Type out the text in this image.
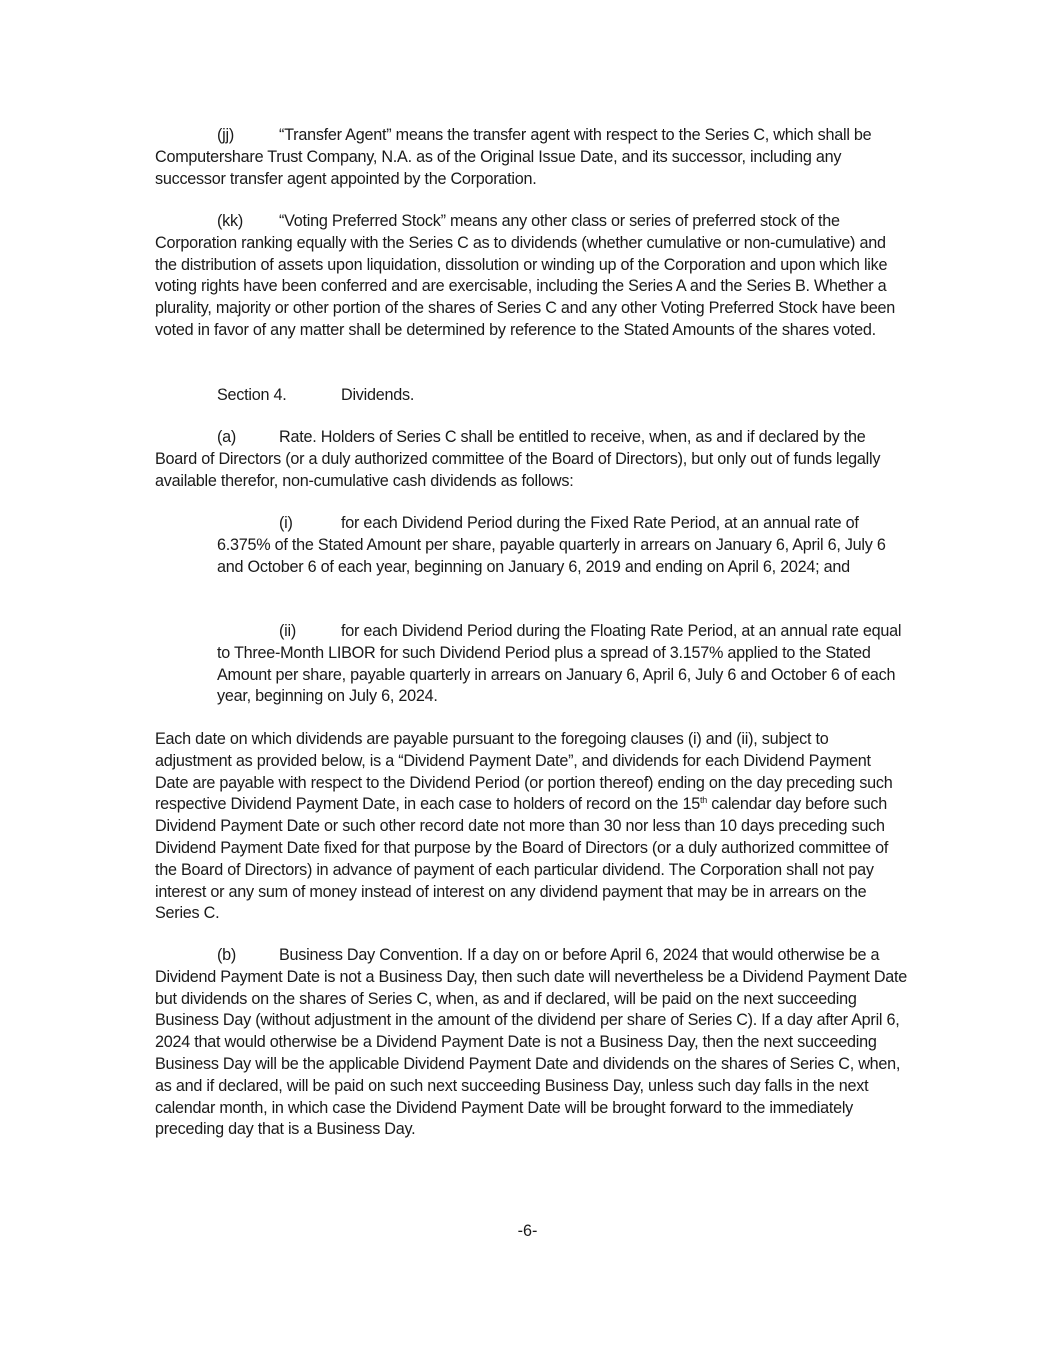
(jj)	“Transfer Agent” means the transfer agent with respect to the Series C, which shall be Computershare Trust Company, N.A. as of the Original Issue Date, and its successor, including any successor transfer agent appointed by the Corporation.

(kk) “Voting Preferred Stock” means any other class or series of preferred stock of the Corporation ranking equally with the Series C as to dividends (whether cumulative or non-cumulative) and the distribution of assets upon liquidation, dissolution or winding up of the Corporation and upon which like voting rights have been conferred and are exercisable, including the Series A and the Series B. Whether a plurality, majority or other portion of the shares of Series C and any other Voting Preferred Stock have been voted in favor of any matter shall be determined by reference to the Stated Amounts of the shares voted.

Section 4.	Dividends.

(a)	Rate. Holders of Series C shall be entitled to receive, when, as and if declared by the Board of Directors (or a duly authorized committee of the Board of Directors), but only out of funds legally available therefor, non-cumulative cash dividends as follows:

(i)	for each Dividend Period during the Fixed Rate Period, at an annual rate of 6.375% of the Stated Amount per share, payable quarterly in arrears on January 6, April 6, July 6 and October 6 of each year, beginning on January 6, 2019 and ending on April 6, 2024; and

(ii)	for each Dividend Period during the Floating Rate Period, at an annual rate equal to Three-Month LIBOR for such Dividend Period plus a spread of 3.157% applied to the Stated Amount per share, payable quarterly in arrears on January 6, April 6, July 6 and October 6 of each year, beginning on July 6, 2024.

Each date on which dividends are payable pursuant to the foregoing clauses (i) and (ii), subject to adjustment as provided below, is a “Dividend Payment Date”, and dividends for each Dividend Payment Date are payable with respect to the Dividend Period (or portion thereof) ending on the day preceding such respective Dividend Payment Date, in each case to holders of record on the 15th calendar day before such Dividend Payment Date or such other record date not more than 30 nor less than 10 days preceding such Dividend Payment Date fixed for that purpose by the Board of Directors (or a duly authorized committee of the Board of Directors) in advance of payment of each particular dividend. The Corporation shall not pay interest or any sum of money instead of interest on any dividend payment that may be in arrears on the Series C.

(b)	Business Day Convention. If a day on or before April 6, 2024 that would otherwise be a Dividend Payment Date is not a Business Day, then such date will nevertheless be a Dividend Payment Date but dividends on the shares of Series C, when, as and if declared, will be paid on the next succeeding Business Day (without adjustment in the amount of the dividend per share of Series C). If a day after April 6, 2024 that would otherwise be a Dividend Payment Date is not a Business Day, then the next succeeding Business Day will be the applicable Dividend Payment Date and dividends on the shares of Series C, when, as and if declared, will be paid on such next succeeding Business Day, unless such day falls in the next calendar month, in which case the Dividend Payment Date will be brought forward to the immediately preceding day that is a Business Day.

-6-
